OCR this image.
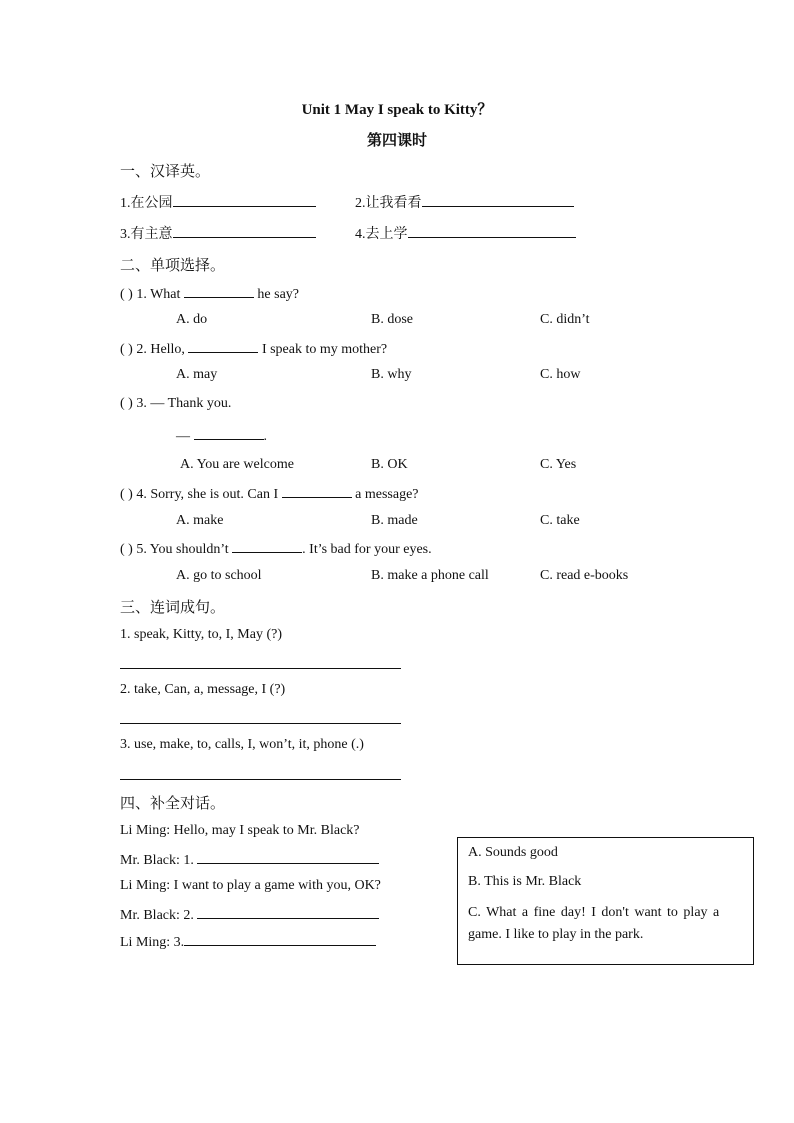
Unit 1 May I speak to Kitty？
第四课时
一、汉译英。
1.在公园	2.让我看看
3.有主意	4.去上学
二、单项选择。
( ) 1. What	he say?
A. do	B. dose	C. didn’t
( ) 2. Hello,	I speak to my mother?
A. may	B. why	C. how
( ) 3. — Thank you.
—	.
A. You are welcome	B. OK	C. Yes
( ) 4. Sorry, she is out. Can I	a message?
A. make	B. made	C. take
( ) 5. You shouldn’t	. It’s bad for your eyes.
A. go to school	B. make a phone call	C. read e-books
三、连词成句。
1. speak, Kitty, to, I, May (?)
2. take, Can, a, message, I (?)
3. use, make, to, calls, I, won’t, it, phone (.)
四、补全对话。
Li Ming: Hello, may I speak to Mr. Black?
Mr. Black: 1.
Li Ming: I want to play a game with you, OK?
Mr. Black: 2.
Li Ming: 3.
A. Sounds good
B. This is Mr. Black
C. What a fine day! I don't want to play a
game. I like to play in the park.
